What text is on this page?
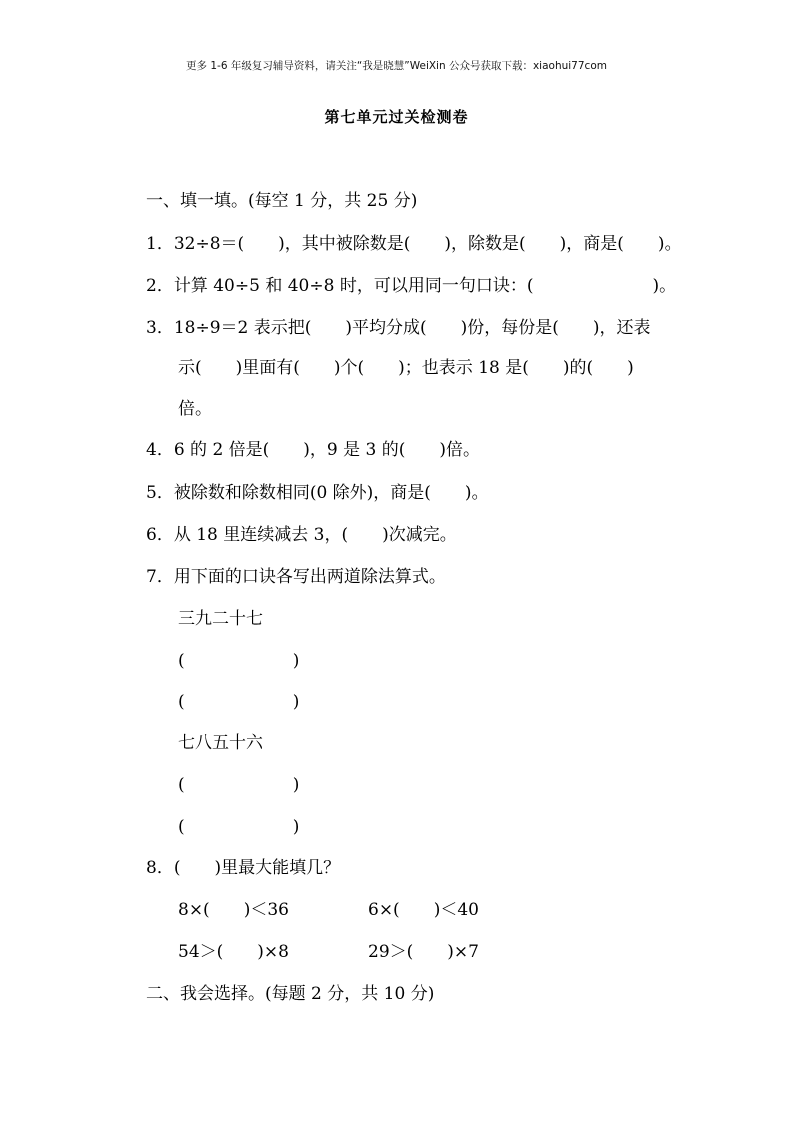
更多 1-6 年级复习辅导资料，请关注“我是晓慧”WeiXin 公众号获取下载：xiaohui77com
第七单元过关检测卷
一、填一填。(每空 1 分，共 25 分)
1．32÷8＝(　　)，其中被除数是(　　)，除数是(　　)，商是(　　)。
2．计算 40÷5 和 40÷8 时，可以用同一句口诀：(　　　　　　　)。
3．18÷9＝2 表示把(　　)平均分成(　　)份，每份是(　　)，还表
示(　　)里面有(　　)个(　　)；也表示 18 是(　　)的(　　)
倍。
4．6 的 2 倍是(　　)，9 是 3 的(　　)倍。
5．被除数和除数相同(0 除外)，商是(　　)。
6．从 18 里连续减去 3，(　　)次减完。
7．用下面的口诀各写出两道除法算式。
三九二十七
(                    )
(                    )
七八五十六
(                    )
(                    )
8．(　　)里最大能填几？
8×(　　)＜36	6×(　　)＜40
54＞(　　)×8	29＞(　　)×7
二、我会选择。(每题 2 分，共 10 分)
